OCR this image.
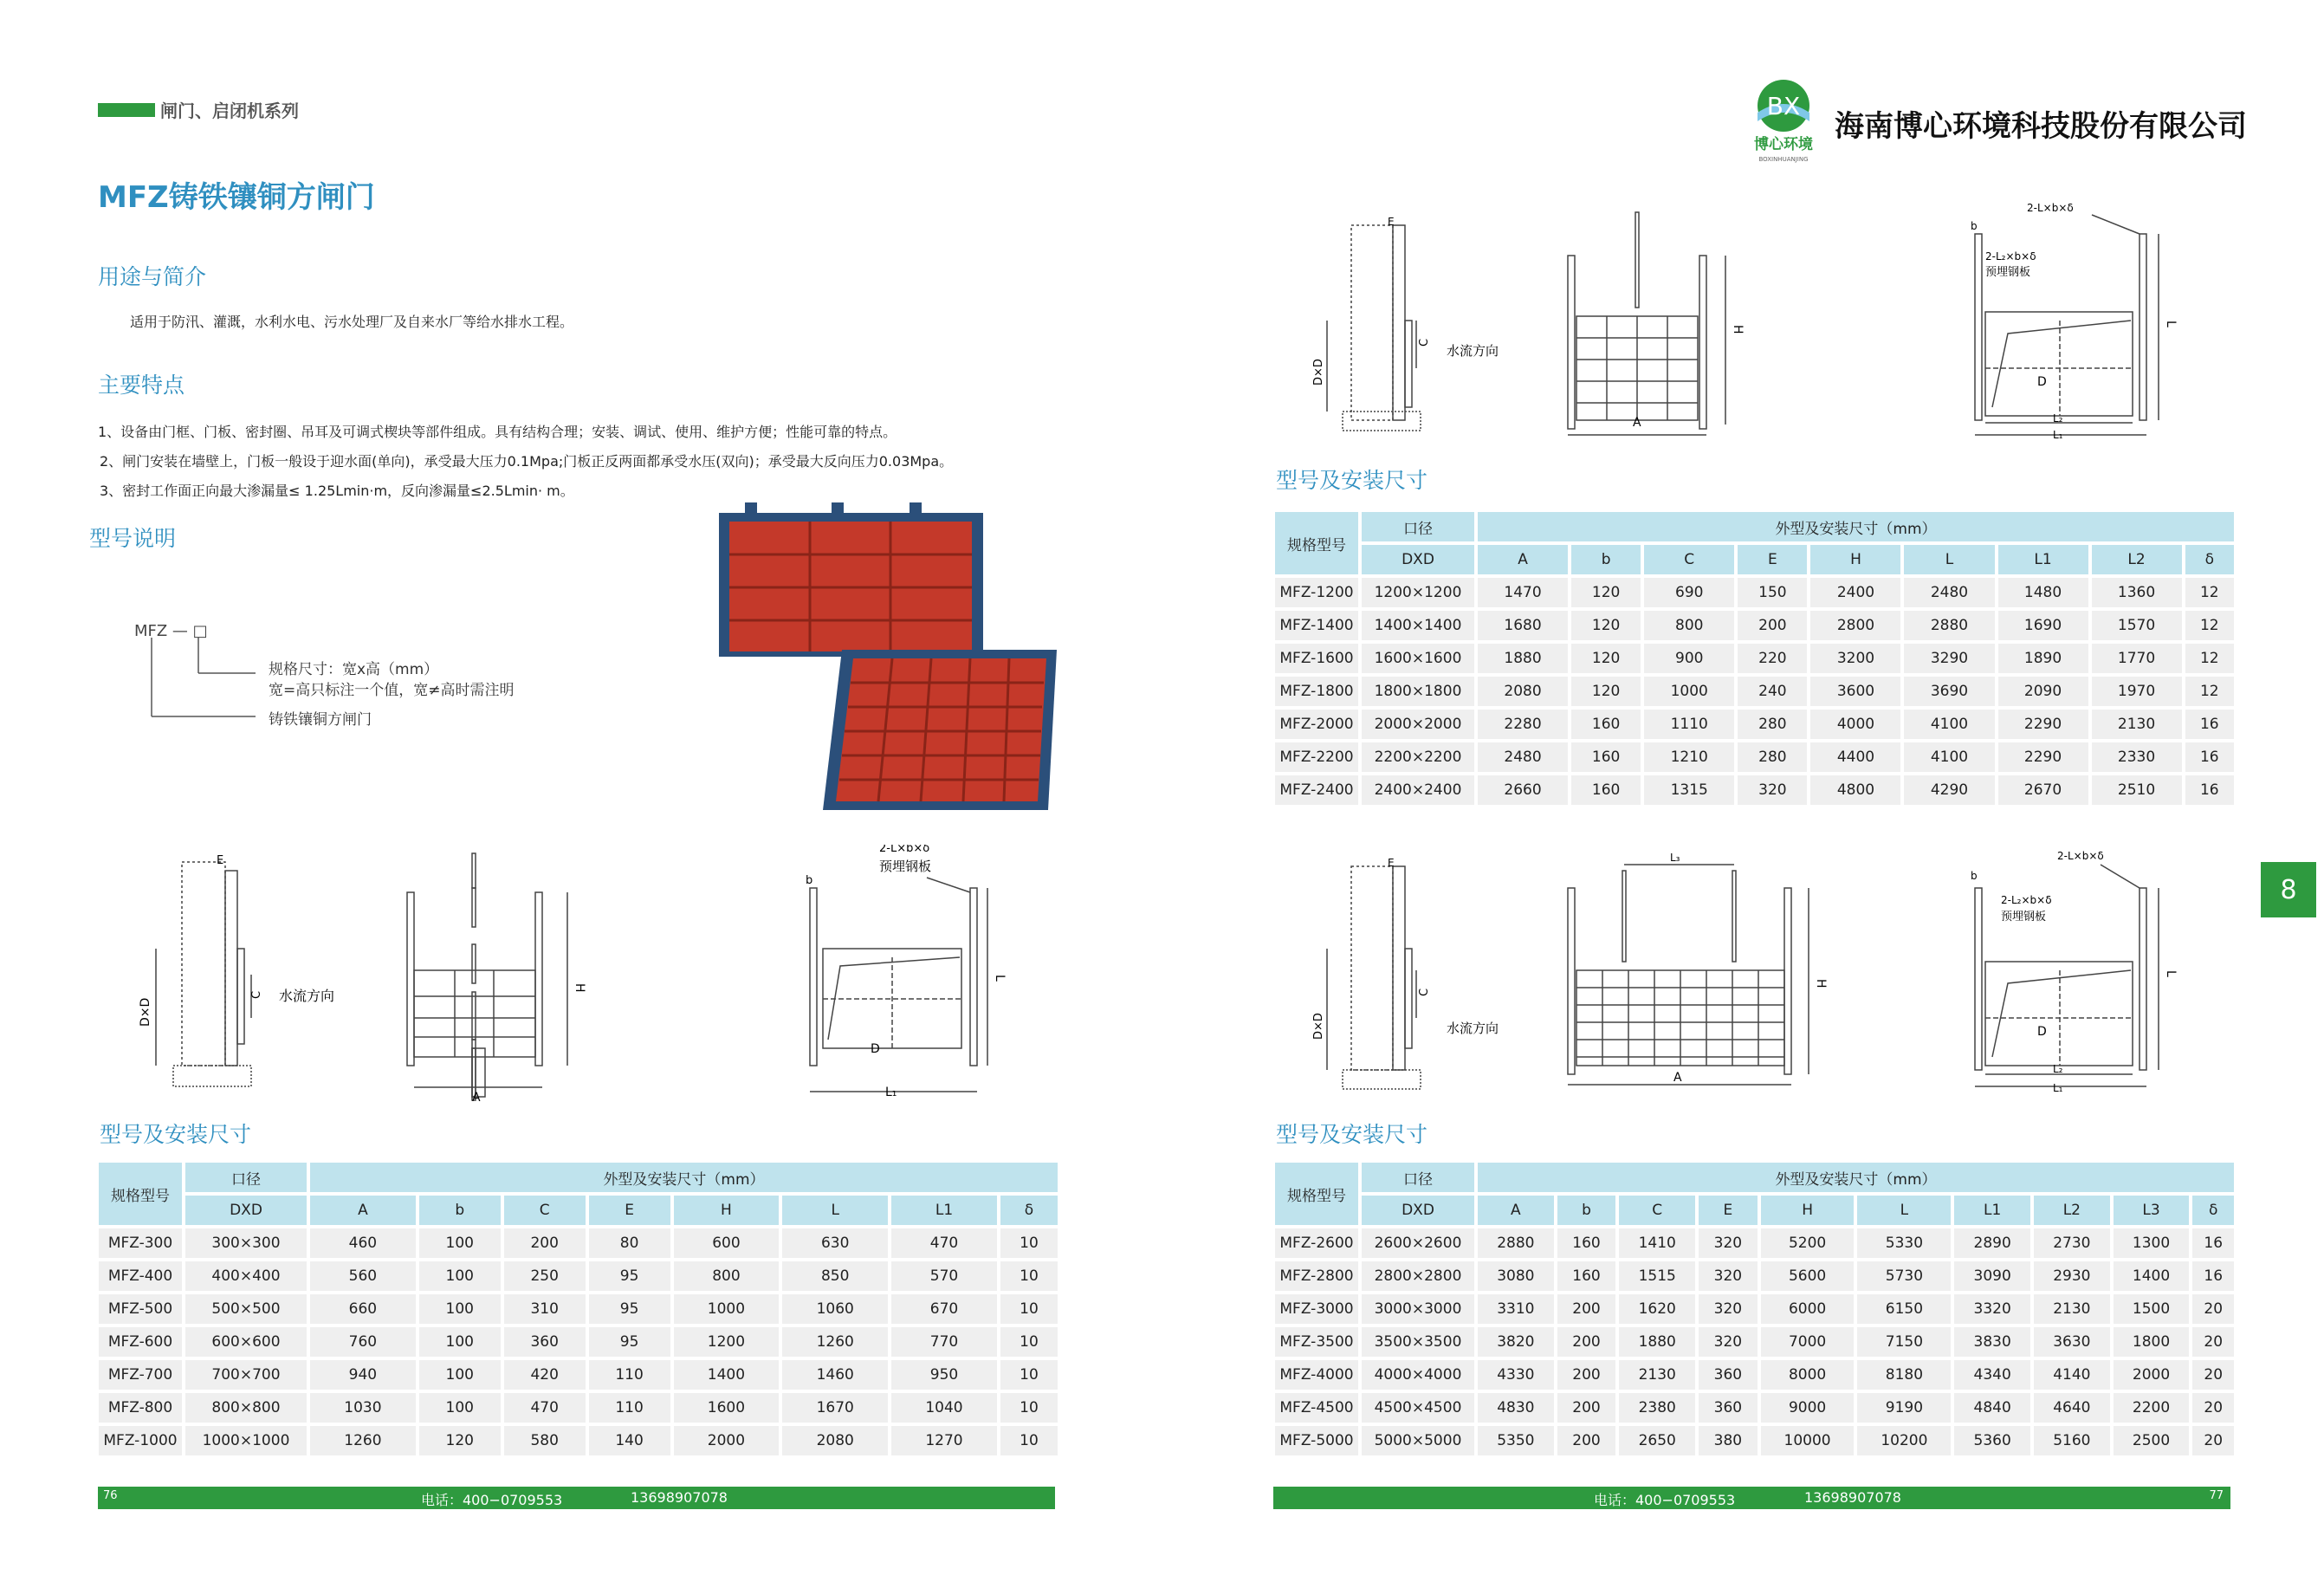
闸门、启闭机系列
MFZ铸铁镶铜方闸门
用途与简介
适用于防汛、灌溉，水利水电、污水处理厂及自来水厂等给水排水工程。
主要特点
1、设备由门框、门板、密封圈、吊耳及可调式楔块等部件组成。具有结构合理；安装、调试、使用、维护方便；性能可靠的特点。
2、闸门安装在墙壁上，门板一般设于迎水面(单向)，承受最大压力0.1Mpa;门板正反两面都承受水压(双向)；承受最大反向压力0.03Mpa。
3、密封工作面正向最大渗漏量≤ 1.25Lmin·m，反向渗漏量≤2.5Lmin· m。
型号说明
MFZ — □
规格尺寸：宽x高（mm）
宽=高只标注一个值，宽≠高时需注明
铸铁镶铜方闸门
E
C
D×D
水流方向
A
H
b
2-L×b×δ
预埋钢板
D
L
L₁
型号及安装尺寸
规格型号	口径	外型及安装尺寸（mm）							
	DXD	A	b	C	E	H	L	L1	δ
MFZ-300	300×300	460	100	200	80	600	630	470	10
MFZ-400	400×400	560	100	250	95	800	850	570	10
MFZ-500	500×500	660	100	310	95	1000	1060	670	10
MFZ-600	600×600	760	100	360	95	1200	1260	770	10
MFZ-700	700×700	940	100	420	110	1400	1460	950	10
MFZ-800	800×800	1030	100	470	110	1600	1670	1040	10
MFZ-1000	1000×1000	1260	120	580	140	2000	2080	1270	10
76	电话：400−0709553	13698907078
BX
博心环境
BOXINHUANJING
海南博心环境科技股份有限公司
8
E
C
D×D
水流方向
A
H
b
2-L×b×δ
2-L₂×b×δ
预埋钢板
D
L
L₂
L₁
型号及安装尺寸
规格型号	口径	外型及安装尺寸（mm）								
	DXD	A	b	C	E	H	L	L1	L2	δ
MFZ-1200	1200×1200	1470	120	690	150	2400	2480	1480	1360	12
MFZ-1400	1400×1400	1680	120	800	200	2800	2880	1690	1570	12
MFZ-1600	1600×1600	1880	120	900	220	3200	3290	1890	1770	12
MFZ-1800	1800×1800	2080	120	1000	240	3600	3690	2090	1970	12
MFZ-2000	2000×2000	2280	160	1110	280	4000	4100	2290	2130	16
MFZ-2200	2200×2200	2480	160	1210	280	4400	4100	2290	2330	16
MFZ-2400	2400×2400	2660	160	1315	320	4800	4290	2670	2510	16
E
C
D×D	水流方向
L₃
A
H
b
2-L×b×δ
2-L₂×b×δ
预埋钢板
D
L
L₂
L₁
型号及安装尺寸
规格型号	口径	外型及安装尺寸（mm）									
	DXD	A	b	C	E	H	L	L1	L2	L3	δ
MFZ-2600	2600×2600	2880	160	1410	320	5200	5330	2890	2730	1300	16
MFZ-2800	2800×2800	3080	160	1515	320	5600	5730	3090	2930	1400	16
MFZ-3000	3000×3000	3310	200	1620	320	6000	6150	3320	2130	1500	20
MFZ-3500	3500×3500	3820	200	1880	320	7000	7150	3830	3630	1800	20
MFZ-4000	4000×4000	4330	200	2130	360	8000	8180	4340	4140	2000	20
MFZ-4500	4500×4500	4830	200	2380	360	9000	9190	4840	4640	2200	20
MFZ-5000	5000×5000	5350	200	2650	380	10000	10200	5360	5160	2500	20
电话：400−0709553	13698907078	77
